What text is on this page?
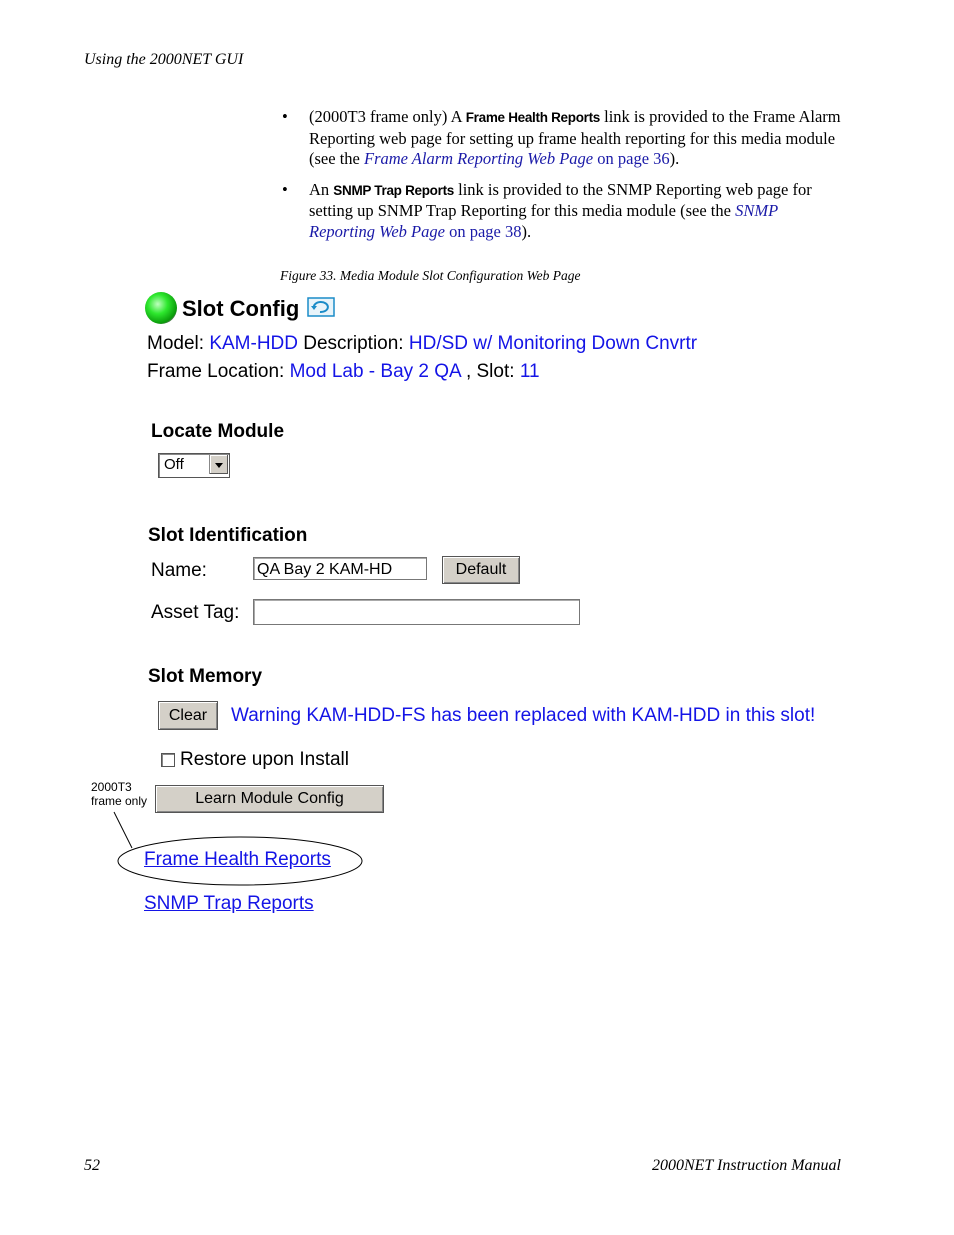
Using the 2000NET GUI
• (2000T3 frame only) A Frame Health Reports link is provided to the Frame Alarm Reporting web page for setting up frame health reporting for this media module (see the Frame Alarm Reporting Web Page on page 36).
• An SNMP Trap Reports link is provided to the SNMP Reporting web page for setting up SNMP Trap Reporting for this media module (see the SNMP Reporting Web Page on page 38).
Figure 33. Media Module Slot Configuration Web Page
Slot Config
Model: KAM-HDD Description: HD/SD w/ Monitoring Down Cnvrtr
Frame Location: Mod Lab - Bay 2 QA , Slot: 11
Locate Module
Off
Slot Identification
Name:	QA Bay 2 KAM-HD	Default
Asset Tag:
Slot Memory
Clear	Warning KAM-HDD-FS has been replaced with KAM-HDD in this slot!
Restore upon Install
Learn Module Config
Frame Health Reports
SNMP Trap Reports
2000T3
frame only
52	2000NET Instruction Manual
